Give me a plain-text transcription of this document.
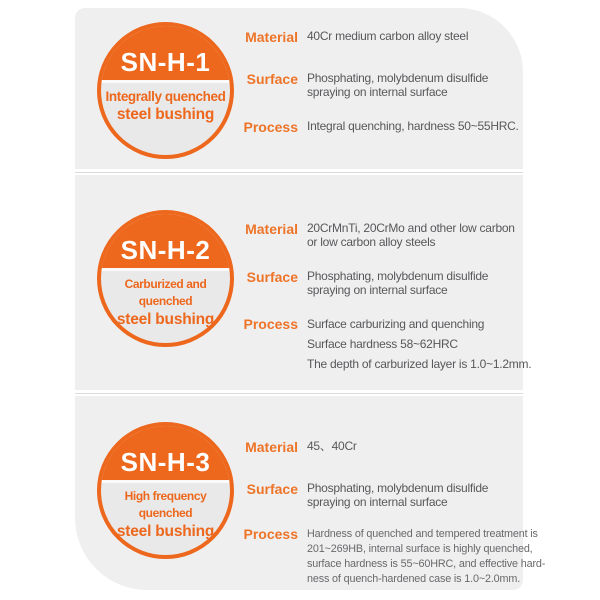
SN-H-1
Integrally quenched
steel bushing
Material 40Cr medium carbon alloy steel
Surface Phosphating, molybdenum disulfide
spraying on internal surface
Process Integral quenching, hardness 50~55HRC.
SN-H-2
Carburized and quenched
steel bushing
Material 20CrMnTi, 20CrMo and other low carbon
or low carbon alloy steels
Surface Phosphating, molybdenum disulfide
spraying on internal surface
Process Surface carburizing and quenching
Surface hardness 58~62HRC
The depth of carburized layer is 1.0~1.2mm.
SN-H-3
High frequency quenched
steel bushing
Material 45、40Cr
Surface Phosphating, molybdenum disulfide
spraying on internal surface
Process Hardness of quenched and tempered treatment is
201~269HB, internal surface is highly quenched,
surface hardness is 55~60HRC, and effective hard-
ness of quench-hardened case is 1.0~2.0mm.
